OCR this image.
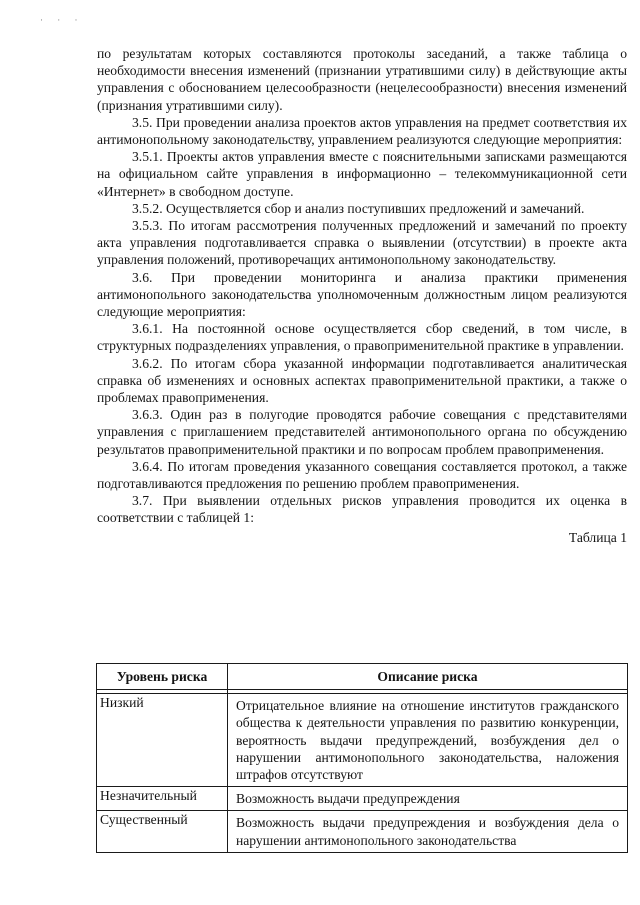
· · ·

по результатам которых составляются протоколы заседаний, а также таблица о необходимости внесения изменений (признании утратившими силу) в действующие акты управления с обоснованием целесообразности (нецелесообразности) внесения изменений (признания утратившими силу).

3.5. При проведении анализа проектов актов управления на предмет соответствия их антимонопольному законодательству, управлением реализуются следующие мероприятия:

3.5.1. Проекты актов управления вместе с пояснительными записками размещаются на официальном сайте управления в информационно – телекоммуникационной сети «Интернет» в свободном доступе.

3.5.2. Осуществляется сбор и анализ поступивших предложений и замечаний.

3.5.3. По итогам рассмотрения полученных предложений и замечаний по проекту акта управления подготавливается справка о выявлении (отсутствии) в проекте акта управления положений, противоречащих антимонопольному законодательству.

3.6. При проведении мониторинга и анализа практики применения антимонопольного законодательства уполномоченным должностным лицом реализуются следующие мероприятия:

3.6.1. На постоянной основе осуществляется сбор сведений, в том числе, в структурных подразделениях управления, о правоприменительной практике в управлении.

3.6.2. По итогам сбора указанной информации подготавливается аналитическая справка об изменениях и основных аспектах правоприменительной практики, а также о проблемах правоприменения.

3.6.3. Один раз в полугодие проводятся рабочие совещания с представителями управления с приглашением представителей антимонопольного органа по обсуждению результатов правоприменительной практики и по вопросам проблем правоприменения.

3.6.4. По итогам проведения указанного совещания составляется протокол, а также подготавливаются предложения по решению проблем правоприменения.

3.7. При выявлении отдельных рисков управления проводится их оценка в соответствии с таблицей 1:

Таблица 1

Уровень риска	Описание риска

Низкий	Отрицательное влияние на отношение институтов гражданского общества к деятельности управления по развитию конкуренции, вероятность выдачи предупреждений, возбуждения дел о нарушении антимонопольного законодательства, наложения штрафов отсутствуют
Незначительный	Возможность выдачи предупреждения
Существенный	Возможность выдачи предупреждения и возбуждения дела о нарушении антимонопольного законодательства
